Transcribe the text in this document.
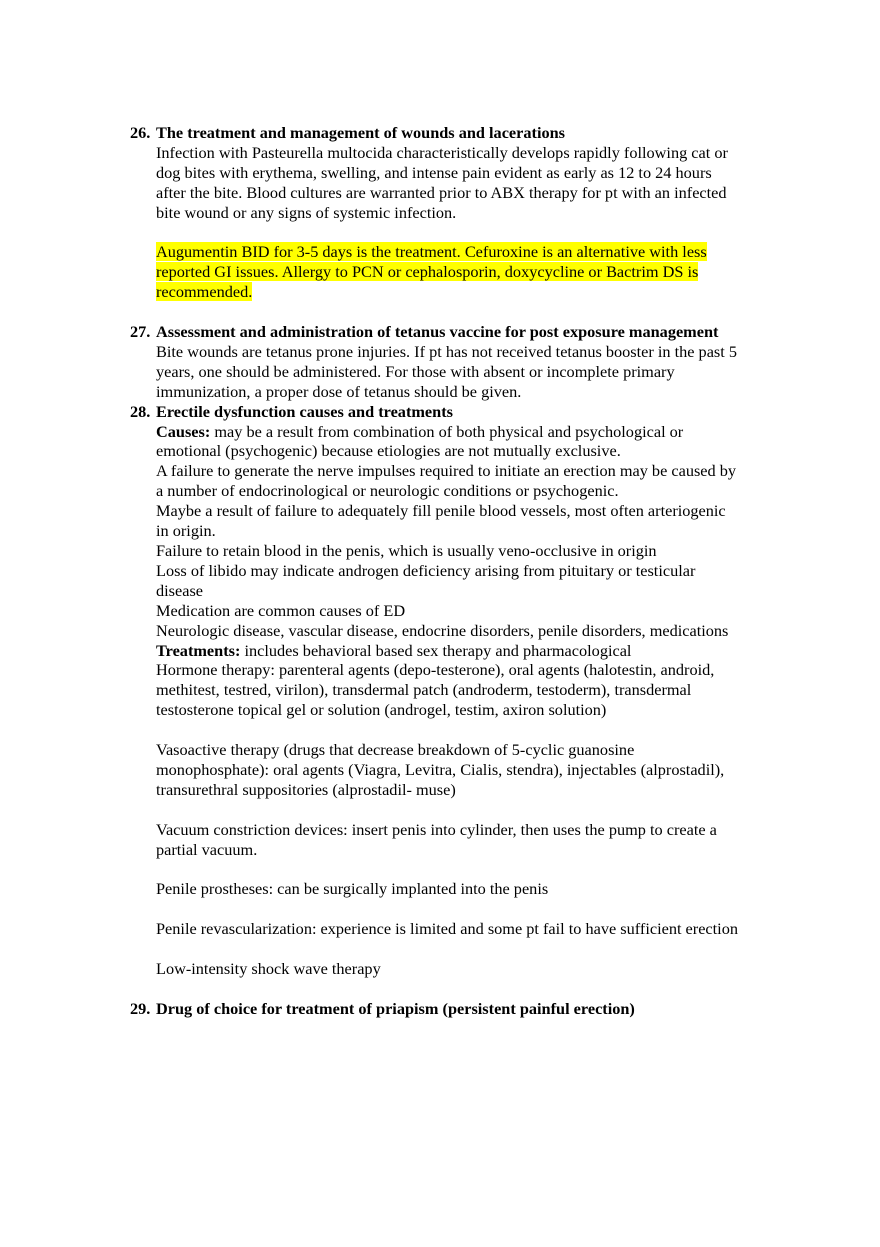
26. The treatment and management of wounds and lacerations
Infection with Pasteurella multocida characteristically develops rapidly following cat or
dog bites with erythema, swelling, and intense pain evident as early as 12 to 24 hours
after the bite. Blood cultures are warranted prior to ABX therapy for pt with an infected
bite wound or any signs of systemic infection.
Augumentin BID for 3-5 days is the treatment. Cefuroxine is an alternative with less
reported GI issues. Allergy to PCN or cephalosporin, doxycycline or Bactrim DS is
recommended.
27. Assessment and administration of tetanus vaccine for post exposure management
Bite wounds are tetanus prone injuries. If pt has not received tetanus booster in the past 5
years, one should be administered. For those with absent or incomplete primary
immunization, a proper dose of tetanus should be given.
28. Erectile dysfunction causes and treatments
Causes: may be a result from combination of both physical and psychological or
emotional (psychogenic) because etiologies are not mutually exclusive.
A failure to generate the nerve impulses required to initiate an erection may be caused by
a number of endocrinological or neurologic conditions or psychogenic.
Maybe a result of failure to adequately fill penile blood vessels, most often arteriogenic
in origin.
Failure to retain blood in the penis, which is usually veno-occlusive in origin
Loss of libido may indicate androgen deficiency arising from pituitary or testicular
disease
Medication are common causes of ED
Neurologic disease, vascular disease, endocrine disorders, penile disorders, medications
Treatments: includes behavioral based sex therapy and pharmacological
Hormone therapy: parenteral agents (depo-testerone), oral agents (halotestin, android,
methitest, testred, virilon), transdermal patch (androderm, testoderm), transdermal
testosterone topical gel or solution (androgel, testim, axiron solution)
Vasoactive therapy (drugs that decrease breakdown of 5-cyclic guanosine
monophosphate): oral agents (Viagra, Levitra, Cialis, stendra), injectables (alprostadil),
transurethral suppositories (alprostadil- muse)
Vacuum constriction devices: insert penis into cylinder, then uses the pump to create a
partial vacuum.
Penile prostheses: can be surgically implanted into the penis
Penile revascularization: experience is limited and some pt fail to have sufficient erection
Low-intensity shock wave therapy
29. Drug of choice for treatment of priapism (persistent painful erection)
